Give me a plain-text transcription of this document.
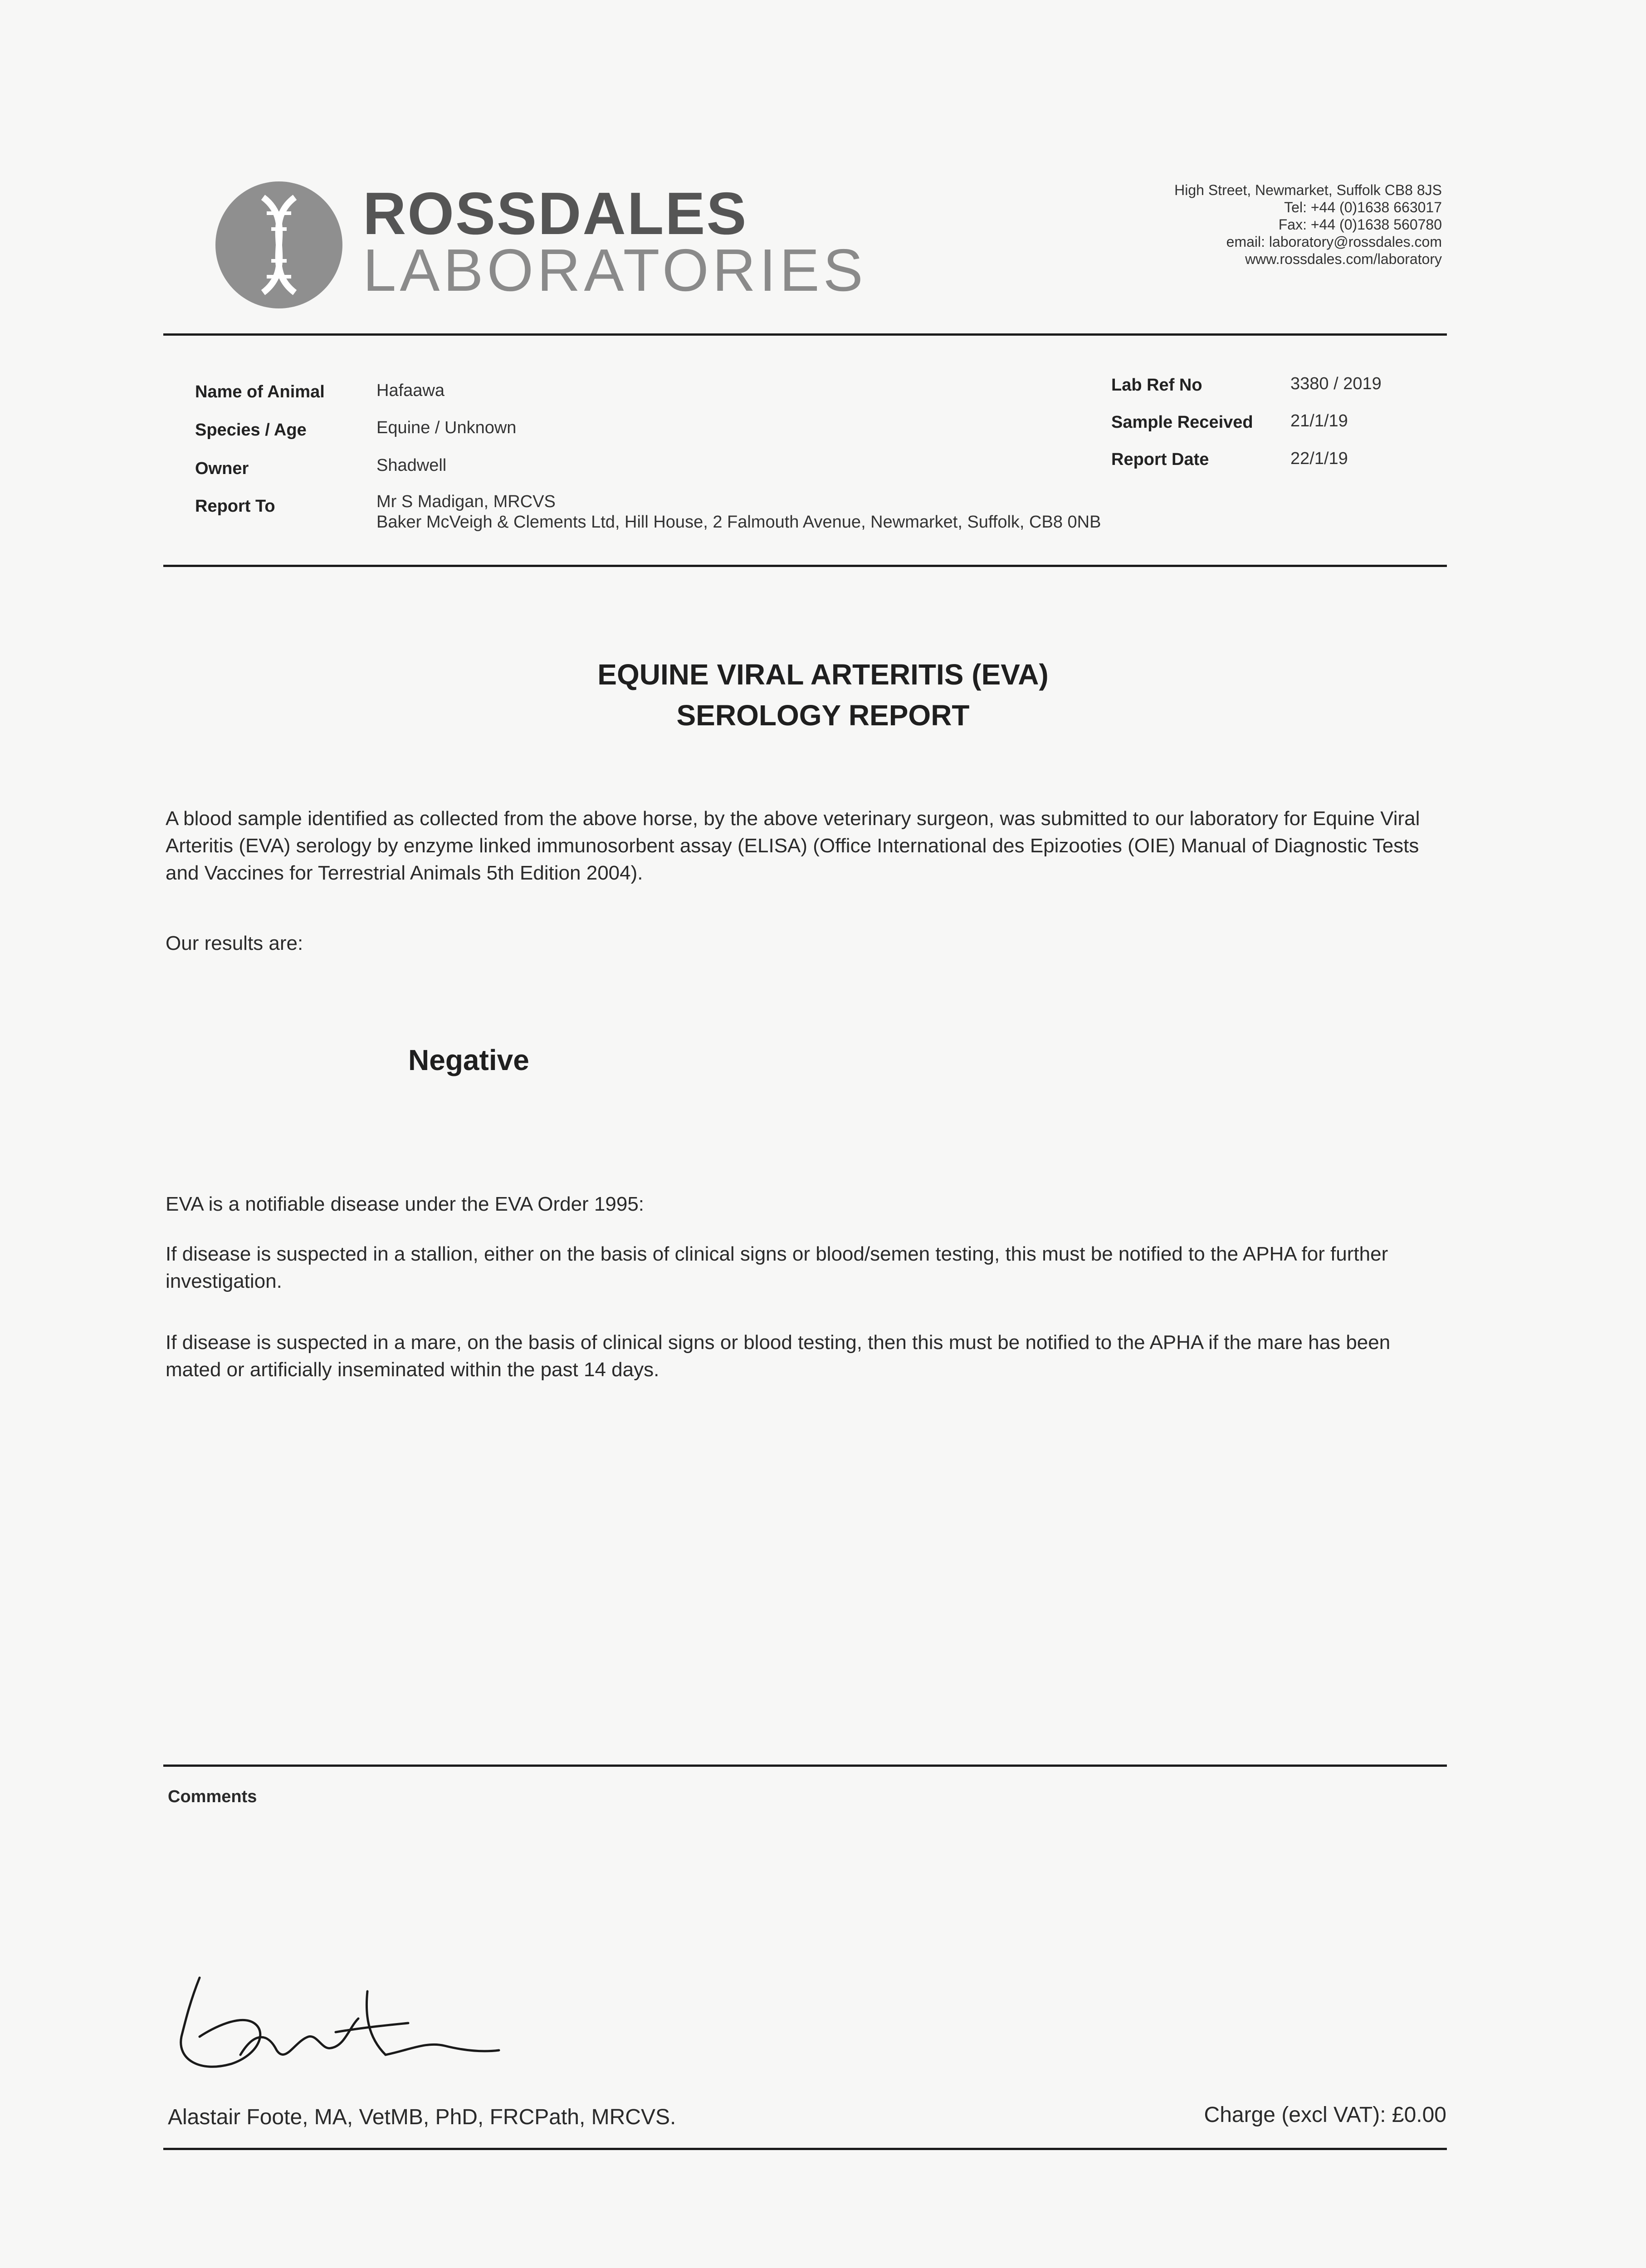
ROSSDALES
LABORATORIES
High Street, Newmarket, Suffolk CB8 8JS
Tel: +44 (0)1638 663017
Fax: +44 (0)1638 560780
email: laboratory@rossdales.com
www.rossdales.com/laboratory
Name of Animal	Hafaawa
Species / Age	Equine / Unknown
Owner	Shadwell
Report To	Mr S Madigan, MRCVS
Baker McVeigh & Clements Ltd, Hill House, 2 Falmouth Avenue, Newmarket, Suffolk, CB8 0NB
Lab Ref No	3380 / 2019
Sample Received 21/1/19
Report Date	22/1/19
EQUINE VIRAL ARTERITIS (EVA)
SEROLOGY REPORT
A blood sample identified as collected from the above horse, by the above veterinary surgeon, was submitted to our laboratory for Equine Viral Arteritis (EVA) serology by enzyme linked immunosorbent assay (ELISA) (Office International des Epizooties (OIE) Manual of Diagnostic Tests and Vaccines for Terrestrial Animals 5th Edition 2004).
Our results are:
Negative
EVA is a notifiable disease under the EVA Order 1995:
If disease is suspected in a stallion, either on the basis of clinical signs or blood/semen testing, this must be notified to the APHA for further investigation.
If disease is suspected in a mare, on the basis of clinical signs or blood testing, then this must be notified to the APHA if the mare has been mated or artificially inseminated within the past 14 days.
Comments
Alastair Foote, MA, VetMB, PhD, FRCPath, MRCVS.	Charge (excl VAT): £0.00
